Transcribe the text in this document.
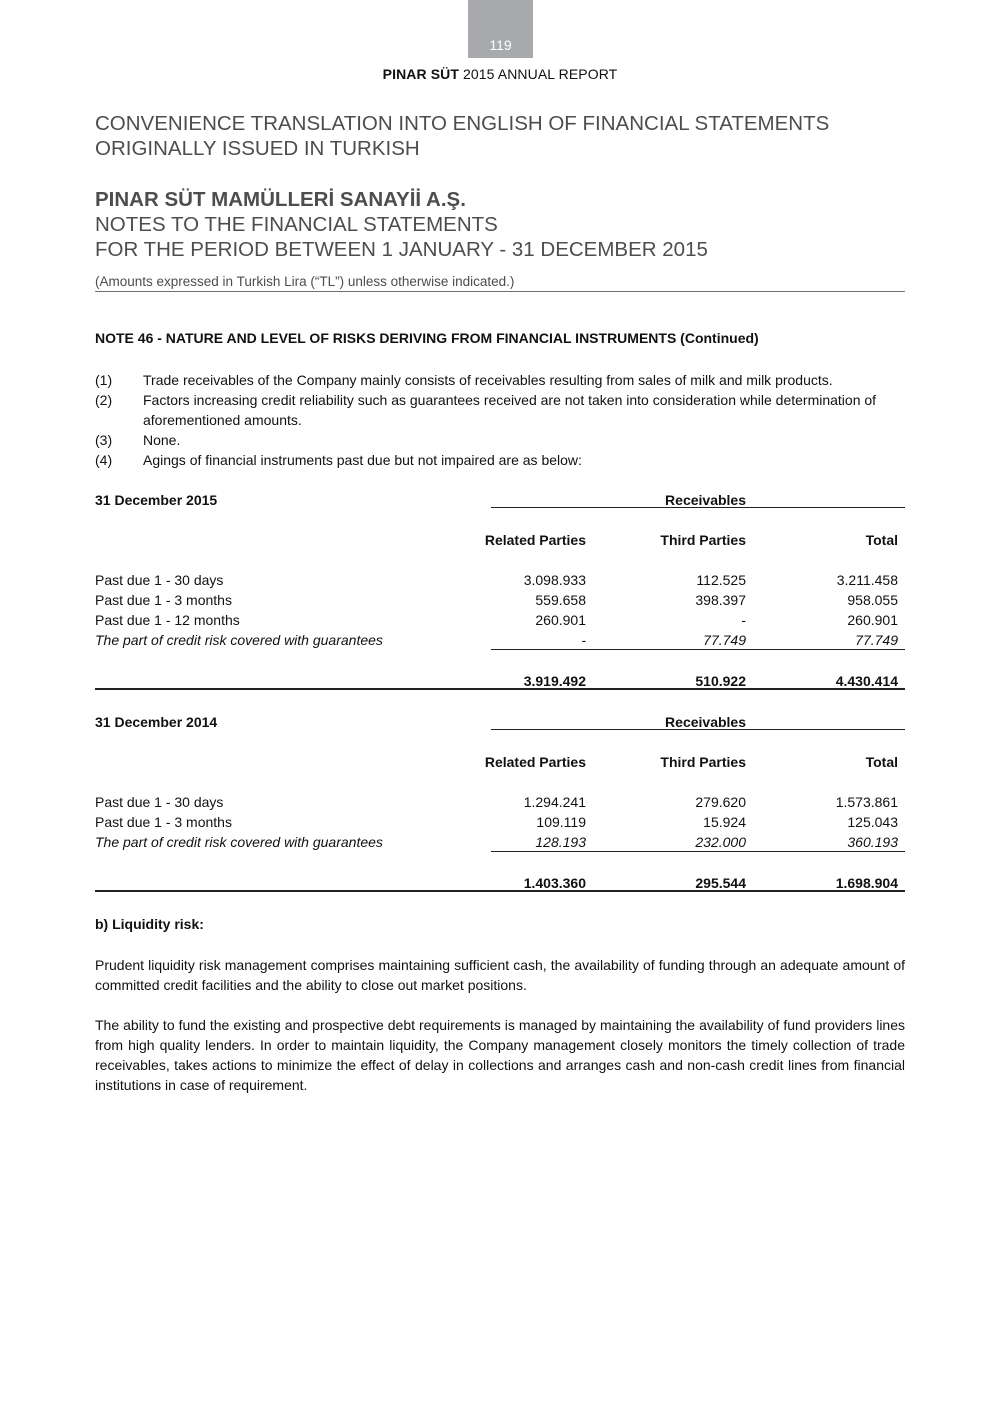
119
PINAR SÜT 2015 ANNUAL REPORT
CONVENIENCE TRANSLATION INTO ENGLISH OF FINANCIAL STATEMENTS
ORIGINALLY ISSUED IN TURKISH
PINAR SÜT MAMÜLLERİ SANAYİİ A.Ş.
NOTES TO THE FINANCIAL STATEMENTS
FOR THE PERIOD BETWEEN 1 JANUARY - 31 DECEMBER 2015
(Amounts expressed in Turkish Lira (“TL”) unless otherwise indicated.)
NOTE 46 - NATURE AND LEVEL OF RISKS DERIVING FROM FINANCIAL INSTRUMENTS (Continued)
(1)	Trade receivables of the Company mainly consists of receivables resulting from sales of milk and milk products.
(2)	Factors increasing credit reliability such as guarantees received are not taken into consideration while determination of aforementioned amounts.
(3)	None.
(4)	Agings of financial instruments past due but not impaired are as below:
31 December 2015	Receivables
Related Parties	Third Parties	Total
Past due 1 - 30 days	3.098.933	112.525	3.211.458
Past due 1 - 3 months	559.658	398.397	958.055
Past due 1 - 12 months	260.901	-	260.901
The part of credit risk covered with guarantees	-	77.749	77.749
3.919.492	510.922	4.430.414
31 December 2014	Receivables
Related Parties	Third Parties	Total
Past due 1 - 30 days	1.294.241	279.620	1.573.861
Past due 1 - 3 months	109.119	15.924	125.043
The part of credit risk covered with guarantees	128.193	232.000	360.193
1.403.360	295.544	1.698.904
b) Liquidity risk:
Prudent liquidity risk management comprises maintaining sufficient cash, the availability of funding through an adequate amount of committed credit facilities and the ability to close out market positions.
The ability to fund the existing and prospective debt requirements is managed by maintaining the availability of fund providers lines from high quality lenders. In order to maintain liquidity, the Company management closely monitors the timely collection of trade receivables, takes actions to minimize the effect of delay in collections and arranges cash and non-cash credit lines from financial institutions in case of requirement.
